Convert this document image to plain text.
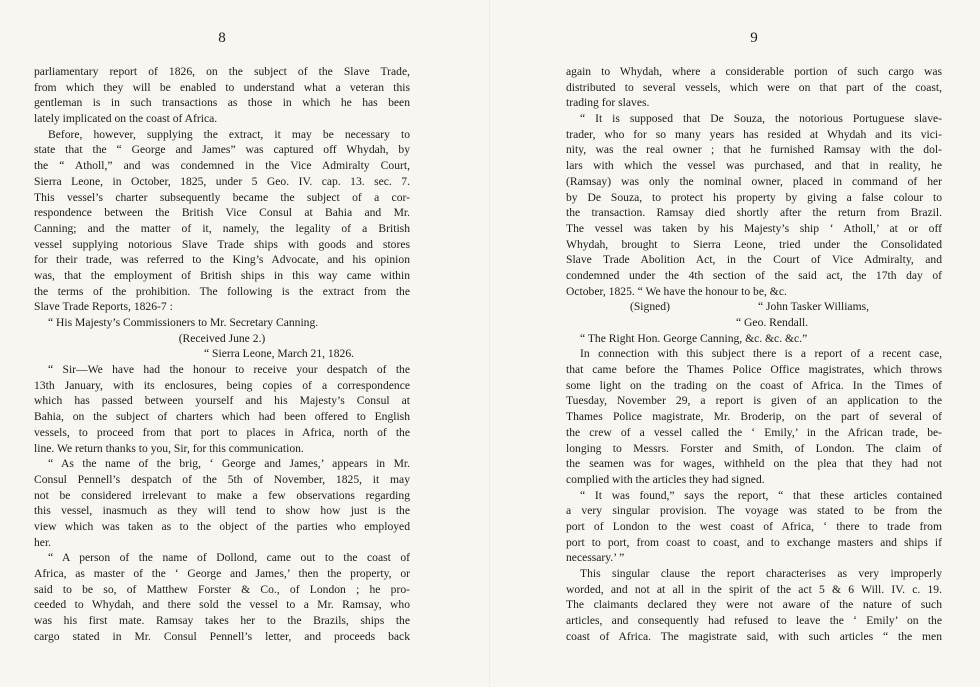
8
parliamentary report of 1826, on the subject of the Slave Trade,
from which they will be enabled to understand what a veteran this
gentleman is in such transactions as those in which he has been
lately implicated on the coast of Africa.
Before, however, supplying the extract, it may be necessary to
state that the “ George and James” was captured off Whydah, by
the “ Atholl,” and was condemned in the Vice Admiralty Court,
Sierra Leone, in October, 1825, under 5 Geo. IV. cap. 13. sec. 7.
This vessel’s charter subsequently became the subject of a cor-
respondence between the British Vice Consul at Bahia and Mr.
Canning; and the matter of it, namely, the legality of a British
vessel supplying notorious Slave Trade ships with goods and stores
for their trade, was referred to the King’s Advocate, and his opinion
was, that the employment of British ships in this way came within
the terms of the prohibition. The following is the extract from the
Slave Trade Reports, 1826-7 :
“ His Majesty’s Commissioners to Mr. Secretary Canning.
(Received June 2.)
“ Sierra Leone, March 21, 1826.
“ Sir—We have had the honour to receive your despatch of the
13th January, with its enclosures, being copies of a correspondence
which has passed between yourself and his Majesty’s Consul at
Bahia, on the subject of charters which had been offered to English
vessels, to proceed from that port to places in Africa, north of the
line. We return thanks to you, Sir, for this communication.
“ As the name of the brig, ‘ George and James,’ appears in Mr.
Consul Pennell’s despatch of the 5th of November, 1825, it may
not be considered irrelevant to make a few observations regarding
this vessel, inasmuch as they will tend to show how just is the
view which was taken as to the object of the parties who employed
her.
“ A person of the name of Dollond, came out to the coast of
Africa, as master of the ‘ George and James,’ then the property, or
said to be so, of Matthew Forster & Co., of London ; he pro-
ceeded to Whydah, and there sold the vessel to a Mr. Ramsay, who
was his first mate. Ramsay takes her to the Brazils, ships the
cargo stated in Mr. Consul Pennell’s letter, and proceeds back
9
again to Whydah, where a considerable portion of such cargo was
distributed to several vessels, which were on that part of the coast,
trading for slaves.
“ It is supposed that De Souza, the notorious Portuguese slave-
trader, who for so many years has resided at Whydah and its vici-
nity, was the real owner ; that he furnished Ramsay with the dol-
lars with which the vessel was purchased, and that in reality, he
(Ramsay) was only the nominal owner, placed in command of her
by De Souza, to protect his property by giving a false colour to
the transaction. Ramsay died shortly after the return from Brazil.
The vessel was taken by his Majesty’s ship ‘ Atholl,’ at or off
Whydah, brought to Sierra Leone, tried under the Consolidated
Slave Trade Abolition Act, in the Court of Vice Admiralty, and
condemned under the 4th section of the said act, the 17th day of
October, 1825. “ We have the honour to be, &c.
(Signed)	“ John Tasker Williams,
“ Geo. Rendall.
“ The Right Hon. George Canning, &c. &c. &c.”
In connection with this subject there is a report of a recent case,
that came before the Thames Police Office magistrates, which throws
some light on the trading on the coast of Africa. In the Times of
Tuesday, November 29, a report is given of an application to the
Thames Police magistrate, Mr. Broderip, on the part of several of
the crew of a vessel called the ‘ Emily,’ in the African trade, be-
longing to Messrs. Forster and Smith, of London. The claim of
the seamen was for wages, withheld on the plea that they had not
complied with the articles they had signed.
“ It was found,” says the report, “ that these articles contained
a very singular provision. The voyage was stated to be from the
port of London to the west coast of Africa, ‘ there to trade from
port to port, from coast to coast, and to exchange masters and ships if
necessary.’ ”
This singular clause the report characterises as very improperly
worded, and not at all in the spirit of the act 5 & 6 Will. IV. c. 19.
The claimants declared they were not aware of the nature of such
articles, and consequently had refused to leave the ‘ Emily’ on the
coast of Africa. The magistrate said, with such articles “ the men
